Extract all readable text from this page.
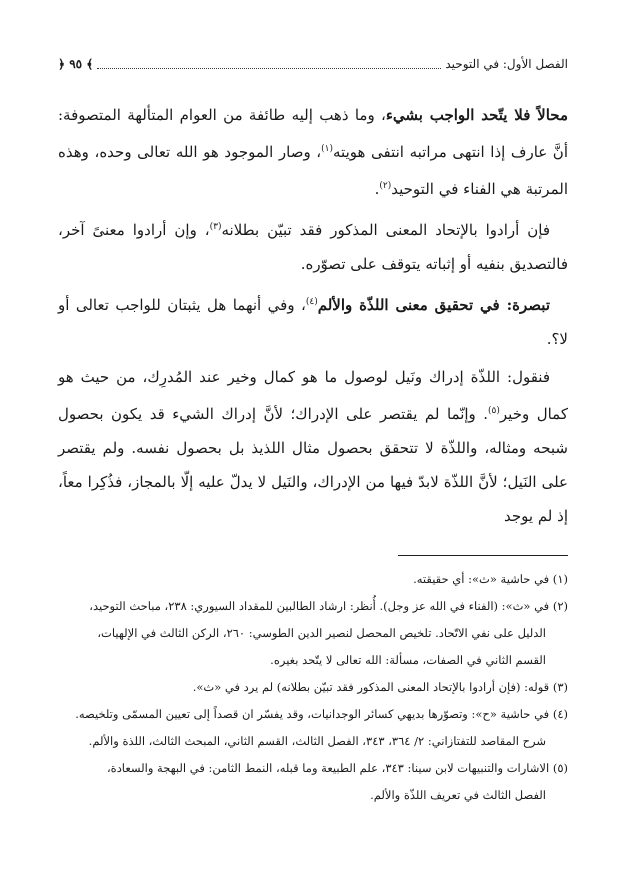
الفصل الأول: في التوحيد
﴾ ٩٥ ﴿

محالاً فلا يتّحد الواجب بشيء، وما ذهب إليه طائفة من العوام المتألهة المتصوفة: أنَّ عارف إذا انتهى مراتبه انتفى هويته$^{(١)}$، وصار الموجود هو الله تعالى وحده، وهذه المرتبة هي الفناء في التوحيد$^{(٢)}$.

فإن أرادوا بالإتحاد المعنى المذكور فقد تبيّن بطلانه$^{(٣)}$، وإن أرادوا معنىً آخر، فالتصديق بنفيه أو إثباته يتوقف على تصوّره.

تبصرة: في تحقيق معنى اللذّة والألم$^{(٤)}$، وفي أنهما هل يثبتان للواجب تعالى أو لا؟.

فنقول: اللذّة إدراك ونَيل لوصول ما هو كمال وخير عند المُدرِك، من حيث هو كمال وخير$^{(٥)}$. وإنّما لم يقتصر على الإدراك؛ لأنَّ إدراك الشيء قد يكون بحصول شبحه ومثاله، واللذّة لا تتحقق بحصول مثال اللذيذ بل بحصول نفسه. ولم يقتصر على النَيل؛ لأنَّ اللذّة لابدّ فيها من الإدراك، والنَيل لا يدلّ عليه إلّا بالمجاز، فذُكِرا معاً، إذ لم يوجد

(١) في حاشية «ث»: أي حقيقته.

(٢) في «ث»: (الفناء في الله عز وجل). أُنظر: ارشاد الطالبين للمقداد السيوري: ٢٣٨، مباحث التوحيد،

الدليل على نفي الاتّحاد. تلخيص المحصل لنصير الدين الطوسي: ٢٦٠، الركن الثالث في الإلهيات،

القسم الثاني في الصفات، مسألة: الله تعالى لا يتّحد بغيره.

(٣) قوله: (فإن أرادوا بالإتحاد المعنى المذكور فقد تبيّن بطلانه) لم يرد في «ث».

(٤) في حاشية «ح»: وتصوّرها بديهي كسائر الوجدانيات، وقد يفسّر ان قصداً إلى تعيين المسمّى وتلخيصه.

شرح المقاصد للتفتازاني: ٢/ ٣٦٤، ٣٤٣، الفصل الثالث، القسم الثاني، المبحث الثالث، اللذة والألم.

(٥) الاشارات والتنبيهات لابن سينا: ٣٤٣، علم الطبيعة وما قبله، النمط الثامن: في البهجة والسعادة،

الفصل الثالث في تعريف اللذّة والألم.
